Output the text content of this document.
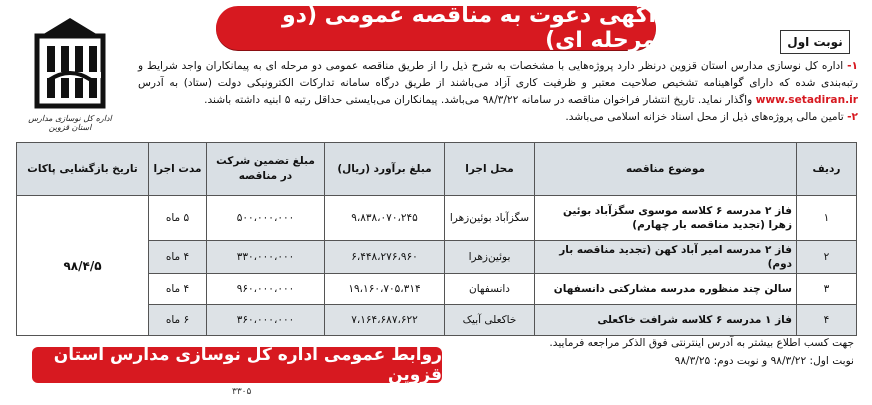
آگهی دعوت به مناقصه عمومی (دو مرحله ای)	نوبت اول
اداره کل نوسازی مدارس استان قزوین

۱- اداره کل نوسازی مدارس استان قزوین درنظر دارد پروژه‌هایی با مشخصات به شرح ذیل را از طریق مناقصه عمومی دو مرحله ای به پیمانکاران واجد شرایط و رتبه‌بندی شده که دارای گواهینامه تشخیص صلاحیت معتبر و ظرفیت کاری آزاد می‌باشند از طریق درگاه سامانه تدارکات الکترونیکی دولت (ستاد) به آدرس www.setadiran.ir واگذار نماید. تاریخ انتشار فراخوان مناقصه در سامانه ۹۸/۳/۲۲ می‌باشد. پیمانکاران می‌بایستی حداقل رتبه ۵ ابنیه داشته باشند.

۲- تامین مالی پروژه‌های ذیل از محل اسناد خزانه اسلامی می‌باشد.

ردیف	موضوع مناقصه	محل اجرا	مبلغ برآورد (ریال)	مبلغ تضمین شرکت در مناقصه	مدت اجرا	تاریخ بازگشایی پاکات
۱	فاز ۲ مدرسه ۶ کلاسه موسوی سگزآباد بوئین زهرا (تجدید مناقصه بار چهارم)	سگزآباد بوئین‌زهرا	۹،۸۳۸،۰۷۰،۲۴۵	۵۰۰،۰۰۰،۰۰۰	۵ ماه	۹۸/۴/۵
۲	فاز ۲ مدرسه امیر آباد کهن (تجدید مناقصه بار دوم)	بوئین‌زهرا	۶،۴۴۸،۲۷۶،۹۶۰	۳۳۰،۰۰۰،۰۰۰	۴ ماه	
۳	سالن چند منظوره مدرسه مشارکتی دانسفهان	دانسفهان	۱۹،۱۶۰،۷۰۵،۳۱۴	۹۶۰،۰۰۰،۰۰۰	۴ ماه	
۴	فاز ۱ مدرسه ۶ کلاسه شرافت خاکعلی	خاکعلی آبیک	۷،۱۶۴،۶۸۷،۶۲۲	۳۶۰،۰۰۰،۰۰۰	۶ ماه	
جهت کسب اطلاع بیشتر به آدرس اینترنتی فوق الذکر مراجعه فرمایید.
نوبت اول: ۹۸/۳/۲۲ و نوبت دوم: ۹۸/۳/۲۵
روابط عمومی اداره کل نوسازی مدارس استان قزوین
۳۳۰۵
